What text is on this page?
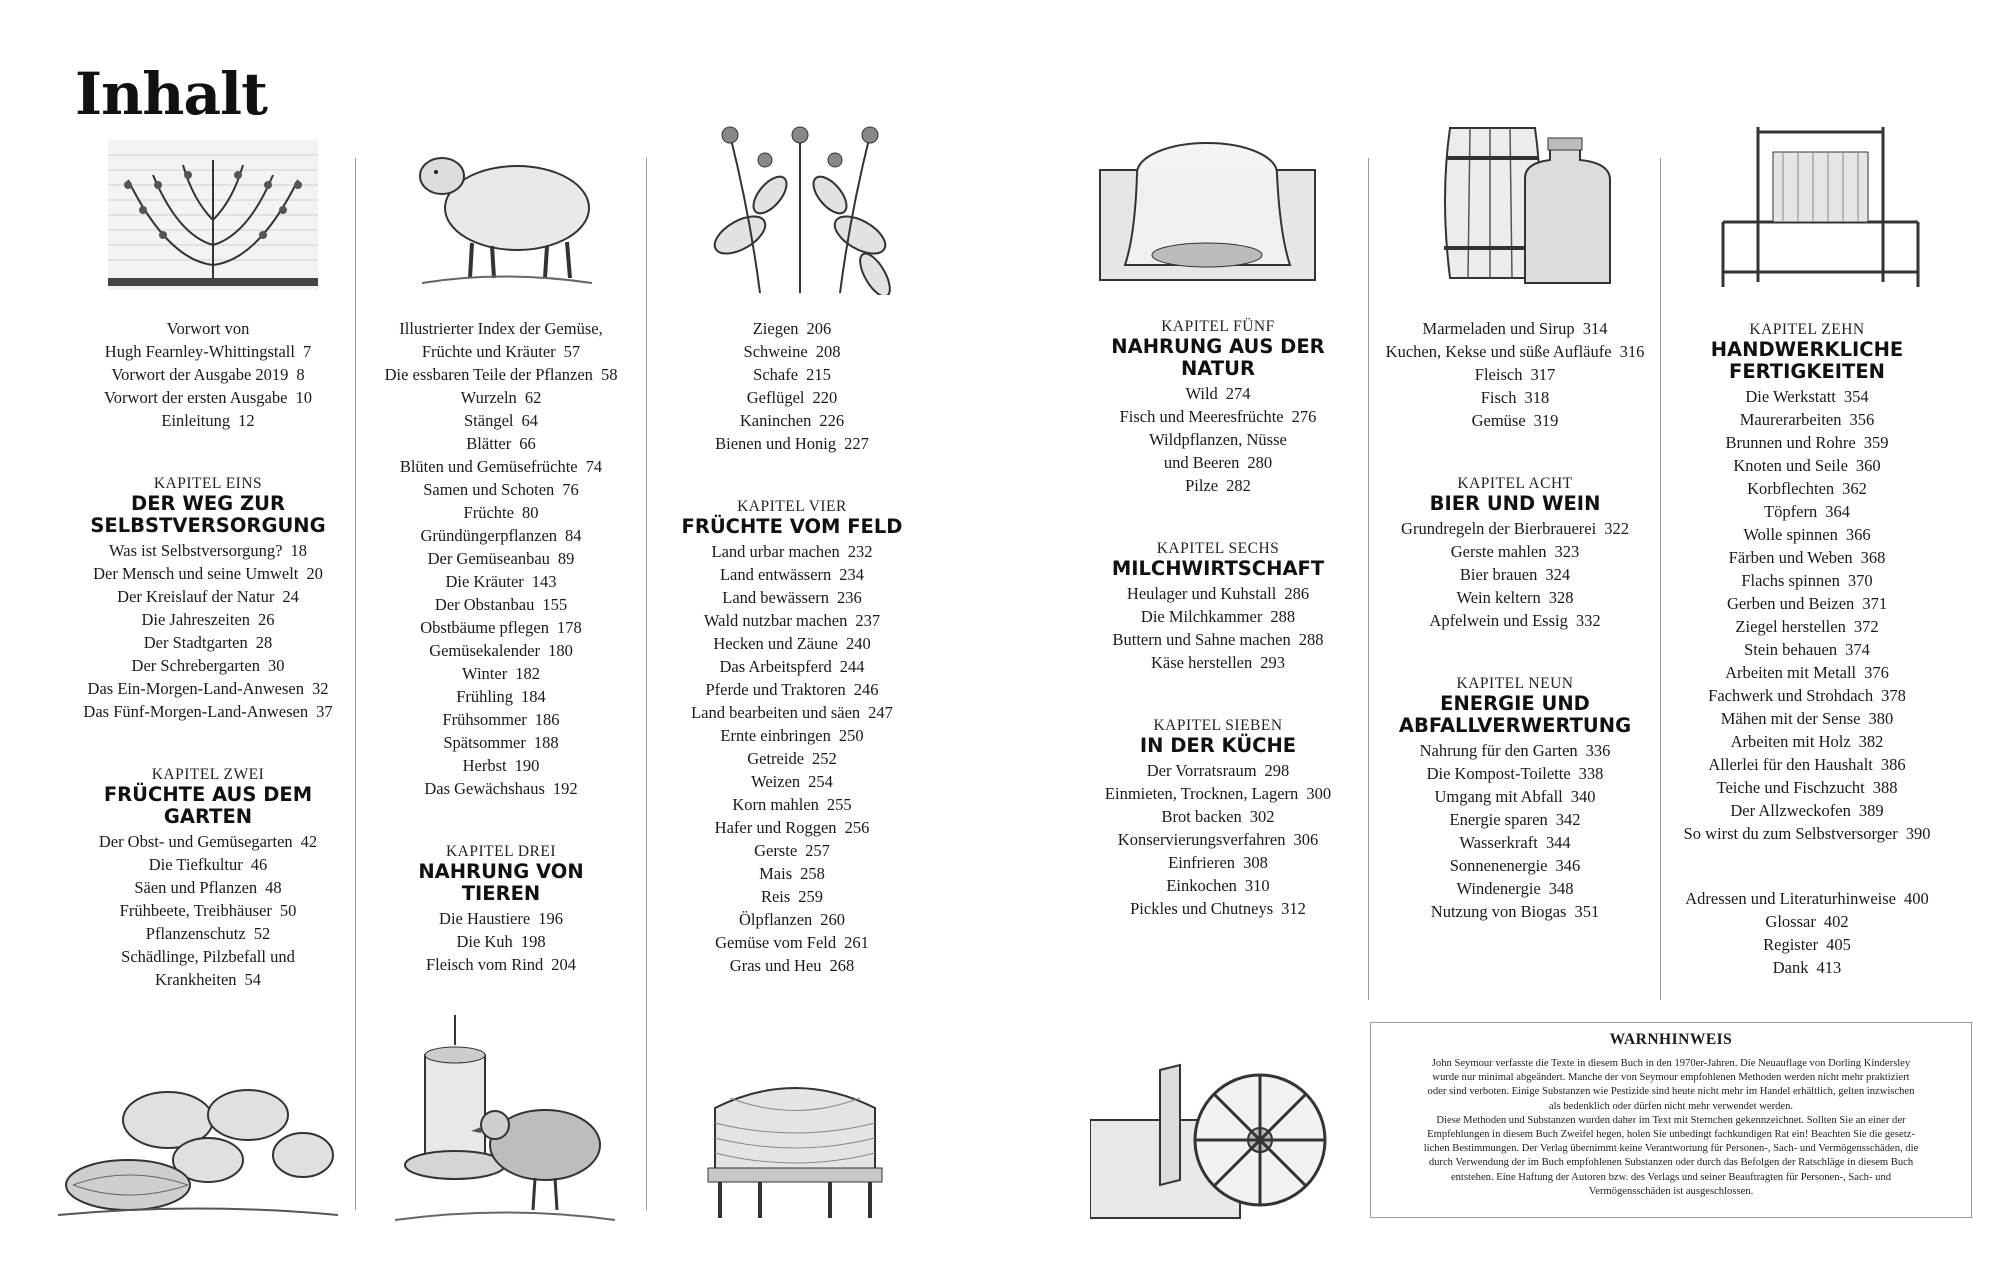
Inhalt
Vorwort von
Hugh Fearnley-Whittingstall 7
Vorwort der Ausgabe 2019 8
Vorwort der ersten Ausgabe 10
Einleitung 12
KAPITEL EINS
DER WEG ZUR
SELBSTVERSORGUNG
Was ist Selbstversorgung? 18
Der Mensch und seine Umwelt 20
Der Kreislauf der Natur 24
Die Jahreszeiten 26
Der Stadtgarten 28
Der Schrebergarten 30
Das Ein-Morgen-Land-Anwesen 32
Das Fünf-Morgen-Land-Anwesen 37
KAPITEL ZWEI
FRÜCHTE AUS DEM
GARTEN
Der Obst- und Gemüsegarten 42
Die Tiefkultur 46
Säen und Pflanzen 48
Frühbeete, Treibhäuser 50
Pflanzenschutz 52
Schädlinge, Pilzbefall und
Krankheiten 54
Illustrierter Index der Gemüse,
Früchte und Kräuter 57
Die essbaren Teile der Pflanzen 58
Wurzeln 62
Stängel 64
Blätter 66
Blüten und Gemüsefrüchte 74
Samen und Schoten 76
Früchte 80
Gründüngerpflanzen 84
Der Gemüseanbau 89
Die Kräuter 143
Der Obstanbau 155
Obstbäume pflegen 178
Gemüsekalender 180
Winter 182
Frühling 184
Frühsommer 186
Spätsommer 188
Herbst 190
Das Gewächshaus 192
KAPITEL DREI
NAHRUNG VON
TIEREN
Die Haustiere 196
Die Kuh 198
Fleisch vom Rind 204
Ziegen 206
Schweine 208
Schafe 215
Geflügel 220
Kaninchen 226
Bienen und Honig 227
KAPITEL VIER
FRÜCHTE VOM FELD
Land urbar machen 232
Land entwässern 234
Land bewässern 236
Wald nutzbar machen 237
Hecken und Zäune 240
Das Arbeitspferd 244
Pferde und Traktoren 246
Land bearbeiten und säen 247
Ernte einbringen 250
Getreide 252
Weizen 254
Korn mahlen 255
Hafer und Roggen 256
Gerste 257
Mais 258
Reis 259
Ölpflanzen 260
Gemüse vom Feld 261
Gras und Heu 268
KAPITEL FÜNF
NAHRUNG AUS DER
NATUR
Wild 274
Fisch und Meeresfrüchte 276
Wildpflanzen, Nüsse
und Beeren 280
Pilze 282
KAPITEL SECHS
MILCHWIRTSCHAFT
Heulager und Kuhstall 286
Die Milchkammer 288
Buttern und Sahne machen 288
Käse herstellen 293
KAPITEL SIEBEN
IN DER KÜCHE
Der Vorratsraum 298
Einmieten, Trocknen, Lagern 300
Brot backen 302
Konservierungsverfahren 306
Einfrieren 308
Einkochen 310
Pickles und Chutneys 312
Marmeladen und Sirup 314
Kuchen, Kekse und süße Aufläufe 316
Fleisch 317
Fisch 318
Gemüse 319
KAPITEL ACHT
BIER UND WEIN
Grundregeln der Bierbrauerei 322
Gerste mahlen 323
Bier brauen 324
Wein keltern 328
Apfelwein und Essig 332
KAPITEL NEUN
ENERGIE UND
ABFALLVERWERTUNG
Nahrung für den Garten 336
Die Kompost-Toilette 338
Umgang mit Abfall 340
Energie sparen 342
Wasserkraft 344
Sonnenenergie 346
Windenergie 348
Nutzung von Biogas 351
KAPITEL ZEHN
HANDWERKLICHE
FERTIGKEITEN
Die Werkstatt 354
Maurerarbeiten 356
Brunnen und Rohre 359
Knoten und Seile 360
Korbflechten 362
Töpfern 364
Wolle spinnen 366
Färben und Weben 368
Flachs spinnen 370
Gerben und Beizen 371
Ziegel herstellen 372
Stein behauen 374
Arbeiten mit Metall 376
Fachwerk und Strohdach 378
Mähen mit der Sense 380
Arbeiten mit Holz 382
Allerlei für den Haushalt 386
Teiche und Fischzucht 388
Der Allzweckofen 389
So wirst du zum Selbstversorger 390
Adressen und Literaturhinweise 400
Glossar 402
Register 405
Dank 413
WARNHINWEIS
John Seymour verfasste die Texte in diesem Buch in den 1970er-Jahren. Die Neuauflage von Dorling Kindersley
wurde nur minimal abgeändert. Manche der von Seymour empfohlenen Methoden werden nicht mehr praktiziert
oder sind verboten. Einige Substanzen wie Pestizide sind heute nicht mehr im Handel erhältlich, gelten inzwischen
als bedenklich oder dürfen nicht mehr verwendet werden.
Diese Methoden und Substanzen wurden daher im Text mit Sternchen gekennzeichnet. Sollten Sie an einer der
Empfehlungen in diesem Buch Zweifel hegen, holen Sie unbedingt fachkundigen Rat ein! Beachten Sie die gesetz-
lichen Bestimmungen. Der Verlag übernimmt keine Verantwortung für Personen-, Sach- und Vermögensschäden, die
durch Verwendung der im Buch empfohlenen Substanzen oder durch das Befolgen der Ratschläge in diesem Buch
entstehen. Eine Haftung der Autoren bzw. des Verlags und seiner Beauftragten für Personen-, Sach- und
Vermögensschäden ist ausgeschlossen.
